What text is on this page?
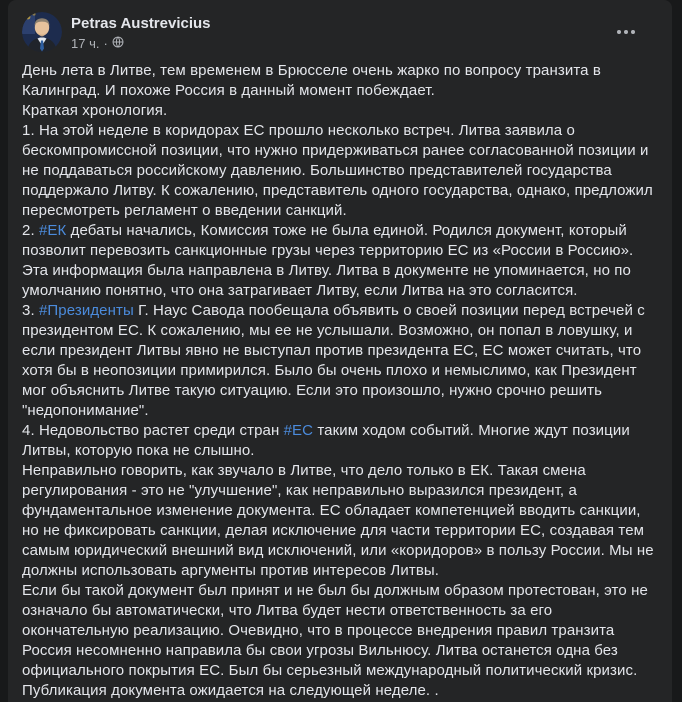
Petras Austrevicius
17 ч. ·
День лета в Литве, тем временем в Брюсселе очень жарко по вопросу транзита в Калинград. И похоже Россия в данный момент побеждает.
Краткая хронология.
1. На этой неделе в коридорах ЕС прошло несколько встреч. Литва заявила о бескомпромиссной позиции, что нужно придерживаться ранее согласованной позиции и не поддаваться российскому давлению. Большинство представителей государства поддержало Литву. К сожалению, представитель одного государства, однако, предложил пересмотреть регламент о введении санкций.
2. #ЕК дебаты начались, Комиссия тоже не была единой. Родился документ, который позволит перевозить санкционные грузы через территорию ЕС из «России в Россию». Эта информация была направлена в Литву. Литва в документе не упоминается, но по умолчанию понятно, что она затрагивает Литву, если Литва на это согласится.
3. #Президенты Г. Наус Савода пообещала объявить о своей позиции перед встречей с президентом ЕС. К сожалению, мы ее не услышали. Возможно, он попал в ловушку, и если президент Литвы явно не выступал против президента ЕС, ЕС может считать, что хотя бы в неопозиции примирился. Было бы очень плохо и немыслимо, как Президент мог объяснить Литве такую ситуацию. Если это произошло, нужно срочно решить "недопонимание".
4. Недовольство растет среди стран #ЕС таким ходом событий. Многие ждут позиции Литвы, которую пока не слышно.
Неправильно говорить, как звучало в Литве, что дело только в ЕК. Такая смена регулирования - это не "улучшение", как неправильно выразился президент, а фундаментальное изменение документа. ЕС обладает компетенцией вводить санкции, но не фиксировать санкции, делая исключение для части территории ЕС, создавая тем самым юридический внешний вид исключений, или «коридоров» в пользу России. Мы не должны использовать аргументы против интересов Литвы.
Если бы такой документ был принят и не был бы должным образом протестован, это не означало бы автоматически, что Литва будет нести ответственность за его окончательную реализацию. Очевидно, что в процессе внедрения правил транзита Россия несомненно направила бы свои угрозы Вильнюсу. Литва останется одна без официального покрытия ЕС. Был бы серьезный международный политический кризис.
Публикация документа ожидается на следующей неделе. .
